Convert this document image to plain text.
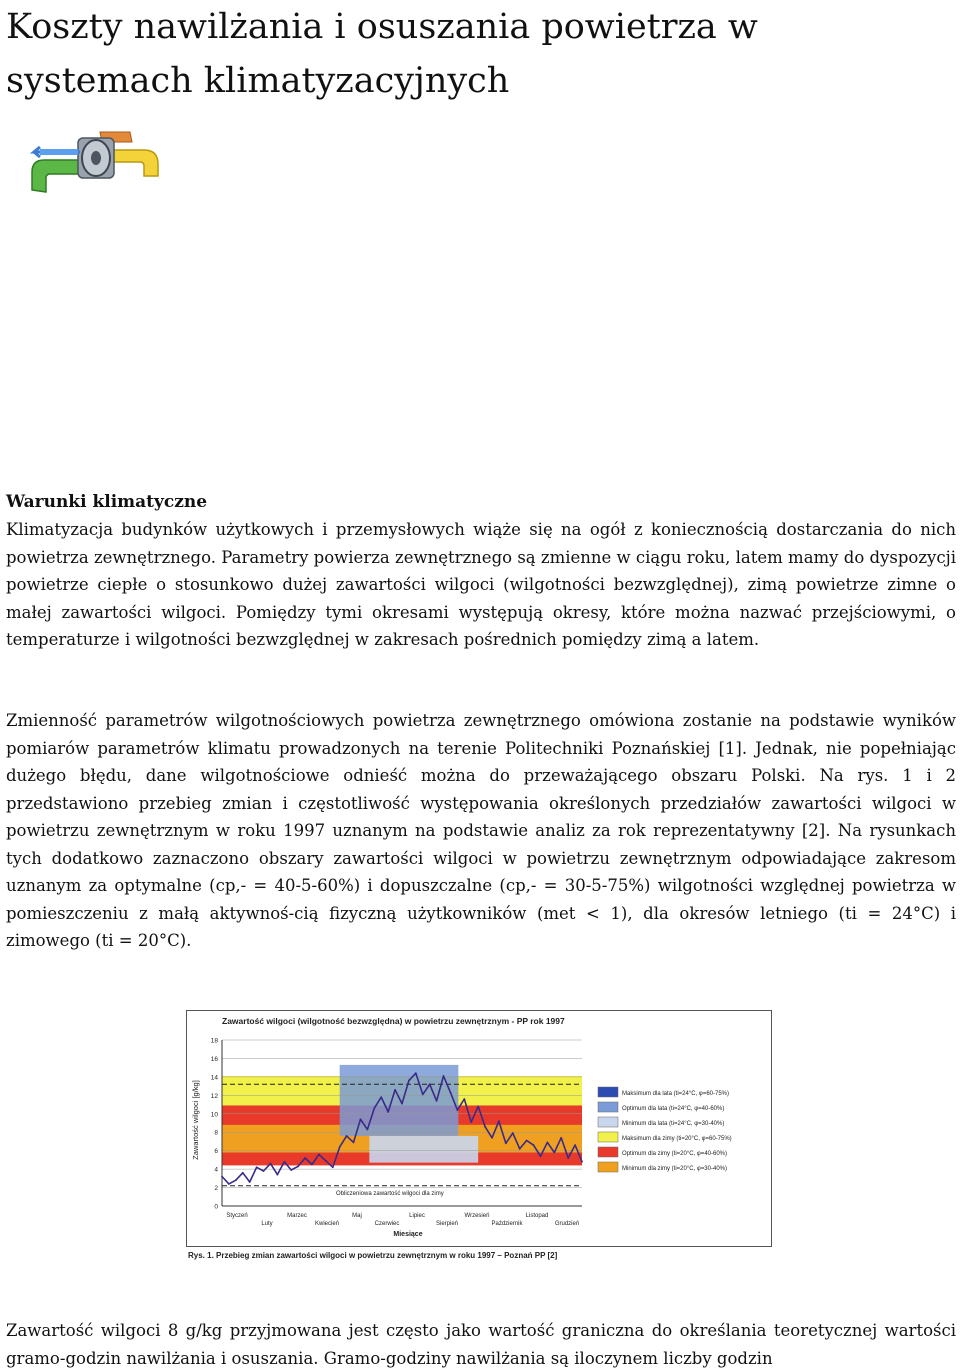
Koszty nawilżania i osuszania powietrza w systemach klimatyzacyjnych
Warunki klimatyczne

Klimatyzacja budynków użytkowych i przemysłowych wiąże się na ogół z koniecznością dostarczania do nich powietrza zewnętrznego. Parametry powierza zewnętrznego są zmienne w ciągu roku, latem mamy do dyspozycji powietrze ciepłe o stosunkowo dużej zawartości wilgoci (wilgotności bezwzględnej), zimą powietrze zimne o małej zawartości wilgoci. Pomiędzy tymi okresami występują okresy, które można nazwać przejściowymi, o temperaturze i wilgotności bezwzględnej w zakresach pośrednich pomiędzy zimą a latem.

Zmienność parametrów wilgotnościowych powietrza zewnętrznego omówiona zostanie na podstawie wyników pomiarów parametrów klimatu prowadzonych na terenie Politechniki Poznańskiej [1]. Jednak, nie popełniając dużego błędu, dane wilgotnościowe odnieść można do przeważającego obszaru Polski. Na rys. 1 i 2 przedstawiono przebieg zmian i częstotliwość występowania określonych przedziałów zawartości wilgoci w powietrzu zewnętrznym w roku 1997 uznanym na podstawie analiz za rok reprezentatywny [2]. Na rysunkach tych dodatkowo zaznaczono obszary zawartości wilgoci w powietrzu zewnętrznym odpowiadające zakresom uznanym za optymalne (cp,- = 40-5-60%) i dopuszczalne (cp,- = 30-5-75%) wilgotności względnej powietrza w pomieszczeniu z małą aktywnoś-cią fizyczną użytkowników (met < 1), dla okresów letniego (ti = 24°C) i zimowego (ti = 20°C).

Zawartość wilgoci (wilgotność bezwzględna) w powietrzu zewnętrznym - PP rok 1997
Zawartość wilgoci [g/kg]
Miesiące
Obliczeniowa zawartość wilgoci dla zimy
0
2
4
6
8
10
12
14
16
18
Styczeń	Marzec	Maj	Lipiec	Wrzesień	Listopad
Luty	Kwiecień	Czerwiec	Sierpień	Październik	Grudzień
Maksimum dla lata (ti=24°C, φ=60-75%)
Optimum dla lata (ti=24°C, φ=40-60%)
Minimum dla lata (ti=24°C, φ=30-40%)
Maksimum dla zimy (ti=20°C, φ=60-75%)
Optimum dla zimy (ti=20°C, φ=40-60%)
Minimum dla zimy (ti=20°C, φ=30-40%)
Rys. 1. Przebieg zmian zawartości wilgoci w powietrzu zewnętrznym w roku 1997 – Poznań PP [2]

Zawartość wilgoci 8 g/kg przyjmowana jest często jako wartość graniczna do określania teoretycznej wartości gramo-godzin nawilżania i osuszania. Gramo-godziny nawilżania są iloczynem liczby godzin
